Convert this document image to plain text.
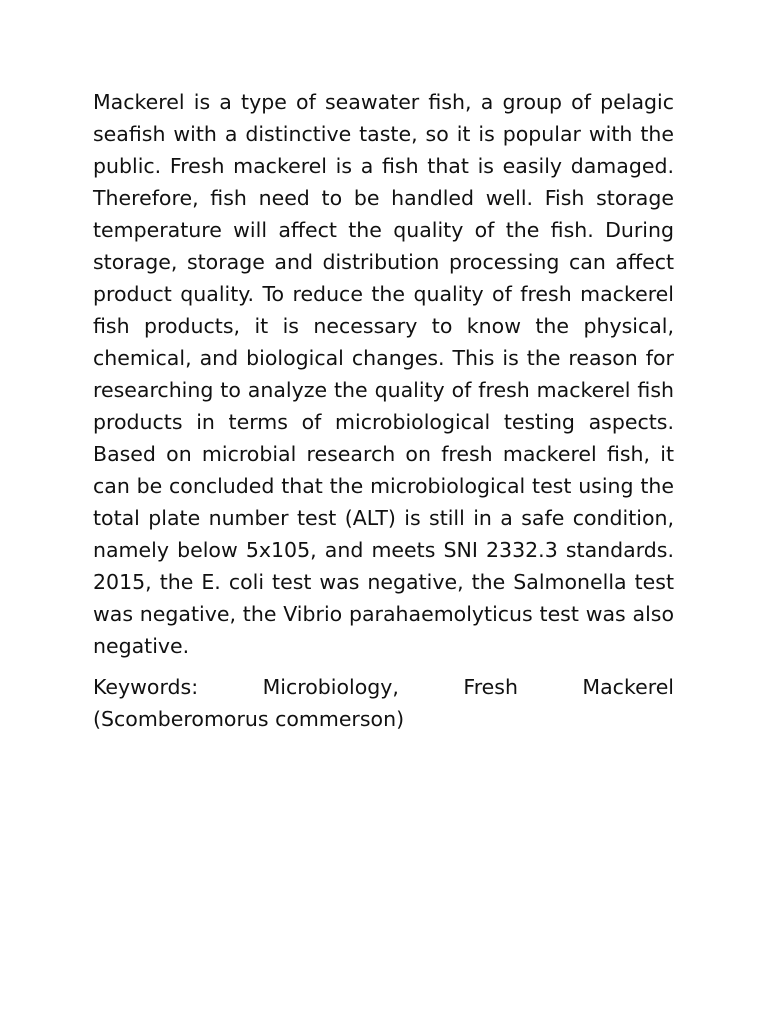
Mackerel is a type of seawater fish, a group of pelagic seafish with a distinctive taste, so it is popular with the public. Fresh mackerel is a fish that is easily damaged. Therefore, fish need to be handled well. Fish storage temperature will affect the quality of the fish. During storage, storage and distribution processing can affect product quality. To reduce the quality of fresh mackerel fish products, it is necessary to know the physical, chemical, and biological changes. This is the reason for researching to analyze the quality of fresh mackerel fish products in terms of microbiological testing aspects. Based on microbial research on fresh mackerel fish, it can be concluded that the microbiological test using the total plate number test (ALT) is still in a safe condition, namely below 5x105, and meets SNI 2332.3 standards. 2015, the E. coli test was negative, the Salmonella test was negative, the Vibrio parahaemolyticus test was also negative.

Keywords: Microbiology, Fresh Mackerel (Scomberomorus commerson)
